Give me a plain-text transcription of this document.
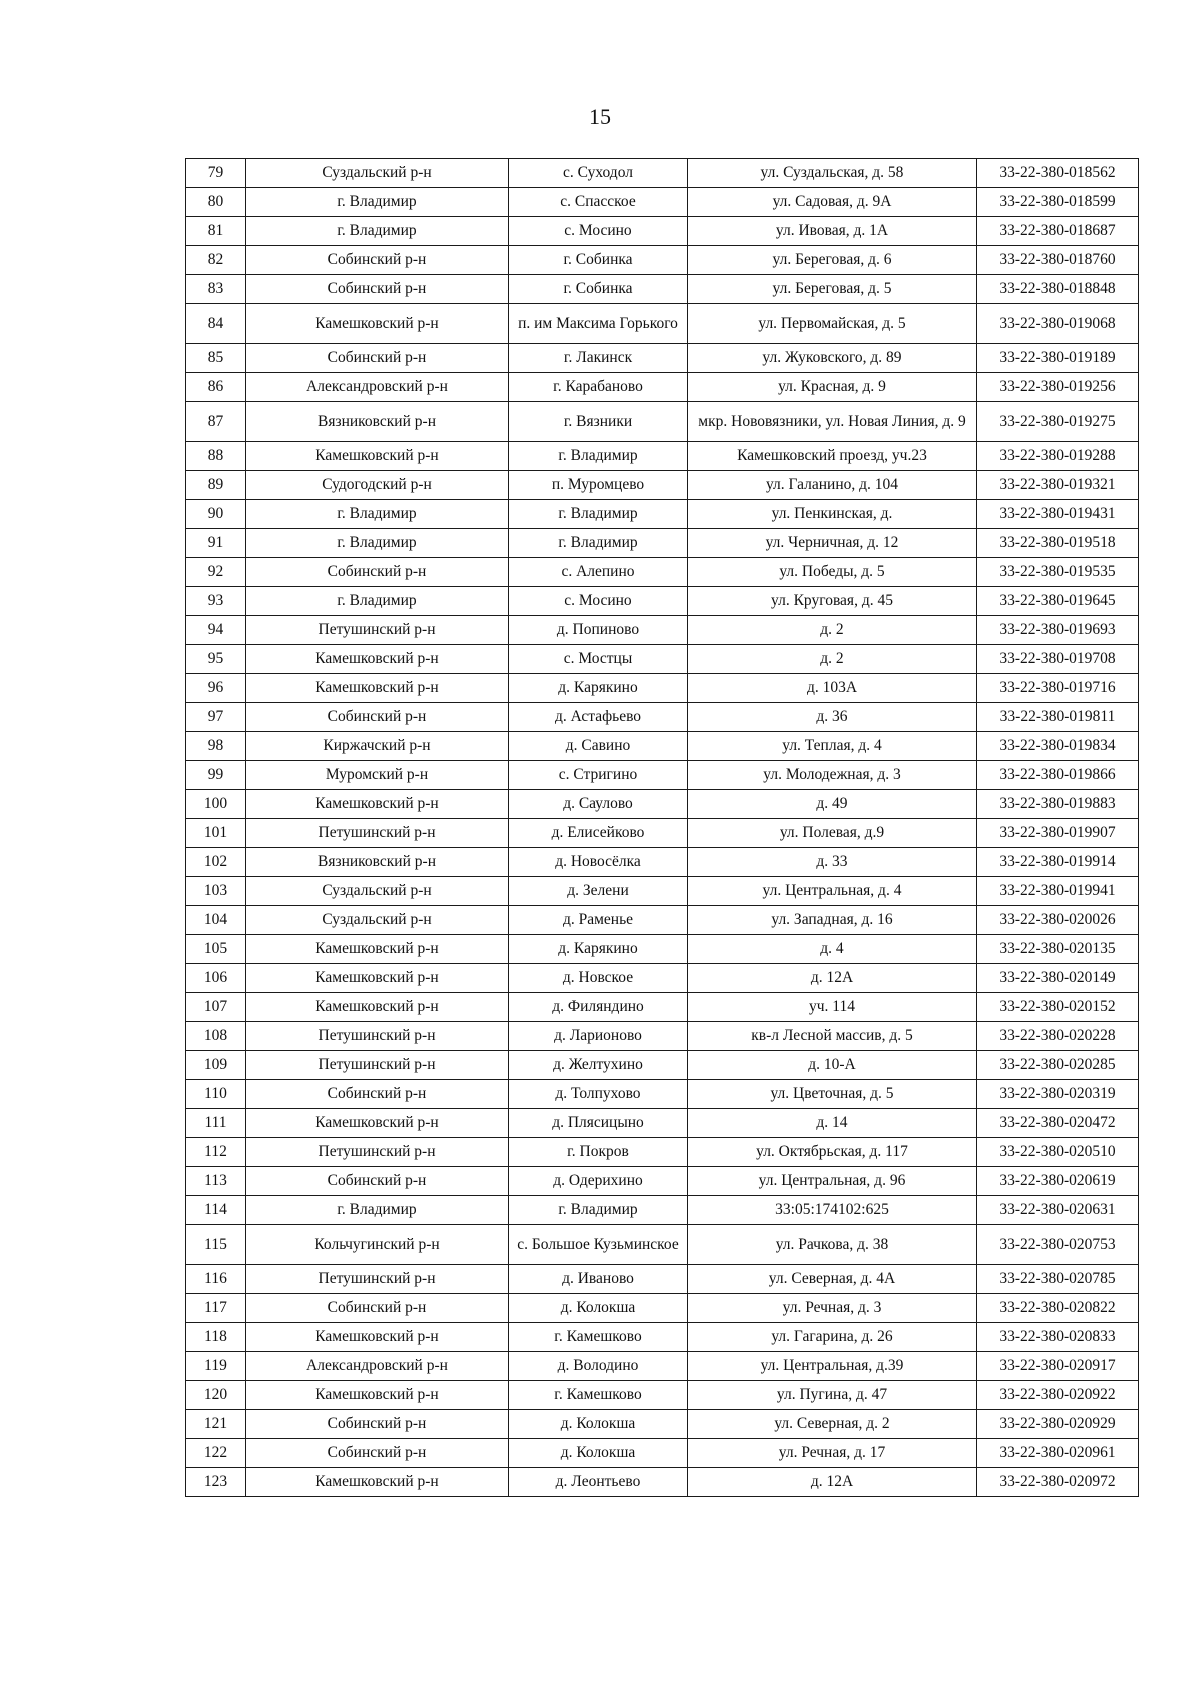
15
79	Суздальский р-н	с. Суходол	ул. Суздальская, д. 58	33-22-380-018562
80	г. Владимир	с. Спасское	ул. Садовая, д. 9А	33-22-380-018599
81	г. Владимир	с. Мосино	ул. Ивовая, д. 1А	33-22-380-018687
82	Собинский р-н	г. Собинка	ул. Береговая, д. 6	33-22-380-018760
83	Собинский р-н	г. Собинка	ул. Береговая, д. 5	33-22-380-018848
84	Камешковский р-н	п. им Максима Горького	ул. Первомайская, д. 5	33-22-380-019068
85	Собинский р-н	г. Лакинск	ул. Жуковского, д. 89	33-22-380-019189
86	Александровский р-н	г. Карабаново	ул. Красная, д. 9	33-22-380-019256
87	Вязниковский р-н	г. Вязники	мкр. Нововязники, ул. Новая Линия, д. 9	33-22-380-019275
88	Камешковский р-н	г. Владимир	Камешковский проезд, уч.23	33-22-380-019288
89	Судогодский р-н	п. Муромцево	ул. Галанино, д. 104	33-22-380-019321
90	г. Владимир	г. Владимир	ул. Пенкинская, д.	33-22-380-019431
91	г. Владимир	г. Владимир	ул. Черничная, д. 12	33-22-380-019518
92	Собинский р-н	с. Алепино	ул. Победы, д. 5	33-22-380-019535
93	г. Владимир	с. Мосино	ул. Круговая, д. 45	33-22-380-019645
94	Петушинский р-н	д. Попиново	д. 2	33-22-380-019693
95	Камешковский р-н	с. Мостцы	д. 2	33-22-380-019708
96	Камешковский р-н	д. Карякино	д. 103А	33-22-380-019716
97	Собинский р-н	д. Астафьево	д. 36	33-22-380-019811
98	Киржачский р-н	д. Савино	ул. Теплая, д. 4	33-22-380-019834
99	Муромский р-н	с. Стригино	ул. Молодежная, д. 3	33-22-380-019866
100	Камешковский р-н	д. Саулово	д. 49	33-22-380-019883
101	Петушинский р-н	д. Елисейково	ул. Полевая, д.9	33-22-380-019907
102	Вязниковский р-н	д. Новосёлка	д. 33	33-22-380-019914
103	Суздальский р-н	д. Зелени	ул. Центральная, д. 4	33-22-380-019941
104	Суздальский р-н	д. Раменье	ул. Западная, д. 16	33-22-380-020026
105	Камешковский р-н	д. Карякино	д. 4	33-22-380-020135
106	Камешковский р-н	д. Новское	д. 12А	33-22-380-020149
107	Камешковский р-н	д. Филяндино	уч. 114	33-22-380-020152
108	Петушинский р-н	д. Ларионово	кв-л Лесной массив, д. 5	33-22-380-020228
109	Петушинский р-н	д. Желтухино	д. 10-А	33-22-380-020285
110	Собинский р-н	д. Толпухово	ул. Цветочная, д. 5	33-22-380-020319
111	Камешковский р-н	д. Плясицыно	д. 14	33-22-380-020472
112	Петушинский р-н	г. Покров	ул. Октябрьская, д. 117	33-22-380-020510
113	Собинский р-н	д. Одерихино	ул. Центральная, д. 96	33-22-380-020619
114	г. Владимир	г. Владимир	33:05:174102:625	33-22-380-020631
115	Кольчугинский р-н	с. Большое Кузьминское	ул. Рачкова, д. 38	33-22-380-020753
116	Петушинский р-н	д. Иваново	ул. Северная, д. 4А	33-22-380-020785
117	Собинский р-н	д. Колокша	ул. Речная, д. 3	33-22-380-020822
118	Камешковский р-н	г. Камешково	ул. Гагарина, д. 26	33-22-380-020833
119	Александровский р-н	д. Володино	ул. Центральная, д.39	33-22-380-020917
120	Камешковский р-н	г. Камешково	ул. Пугина, д. 47	33-22-380-020922
121	Собинский р-н	д. Колокша	ул. Северная, д. 2	33-22-380-020929
122	Собинский р-н	д. Колокша	ул. Речная, д. 17	33-22-380-020961
123	Камешковский р-н	д. Леонтьево	д. 12А	33-22-380-020972
